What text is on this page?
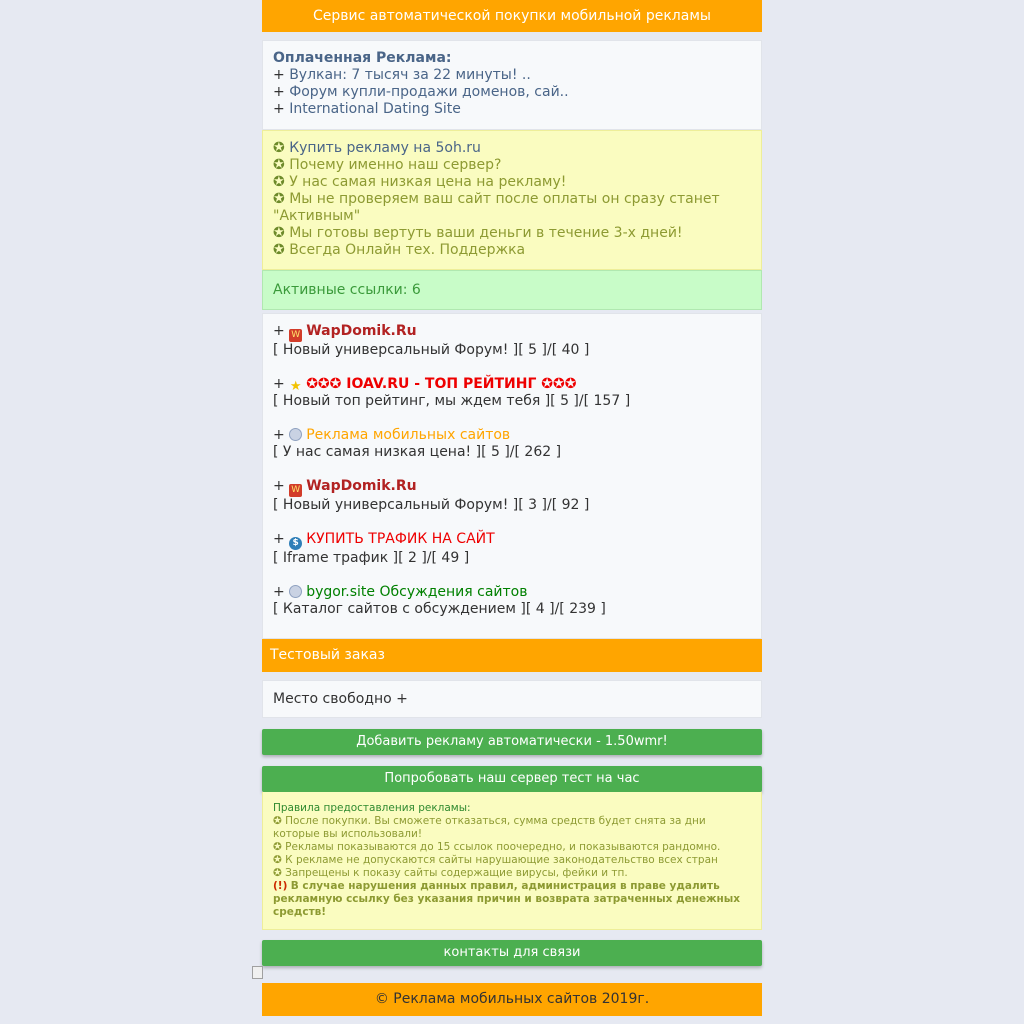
Сервис автоматической покупки мобильной рекламы
Оплаченная Реклама:
+ Вулкан: 7 тысяч за 22 минуты! ..
+ Форум купли-продажи доменов, сай..
+ International Dating Site
✪ Купить рекламу на 5oh.ru
✪ Почему именно наш сервер?
✪ У нас самая низкая цена на рекламу!
✪ Мы не проверяем ваш сайт после оплаты он сразу станет "Активным"
✪ Мы готовы вертуть ваши деньги в течение 3-х дней!
✪ Всегда Онлайн тех. Поддержка
Активные ссылки: 6
+ W WapDomik.Ru
[ Новый универсальный Форум! ][ 5 ]/[ 40 ]
+ ★ ✪✪✪ IOAV.RU - ТОП РЕЙТИНГ ✪✪✪
[ Новый топ рейтинг, мы ждем тебя ][ 5 ]/[ 157 ]
+ Реклама мобильных сайтов
[ У нас самая низкая цена! ][ 5 ]/[ 262 ]
+ W WapDomik.Ru
[ Новый универсальный Форум! ][ 3 ]/[ 92 ]
+ $ КУПИТЬ ТРАФИК НА САЙТ
[ Iframe трафик ][ 2 ]/[ 49 ]
+ bygor.site Обсуждения сайтов
[ Каталог сайтов с обсуждением ][ 4 ]/[ 239 ]
Тестовый заказ
Место свободно +
Добавить рекламу автоматически - 1.50wmr!
Попробовать наш сервер тест на час
Правила предоставления рекламы:
✪ После покупки. Вы сможете отказаться, сумма средств будет снята за дни которые вы использовали!
✪ Рекламы показываются до 15 ссылок поочередно, и показываются рандомно.
✪ К рекламе не допускаются сайты нарушающие законодательство всех стран
✪ Запрещены к показу сайты содержащие вирусы, фейки и тп.
(!) В случае нарушения данных правил, администрация в праве удалить рекламную ссылку без указания причин и возврата затраченных денежных средств!
контакты для связи
© Реклама мобильных сайтов 2019г.
